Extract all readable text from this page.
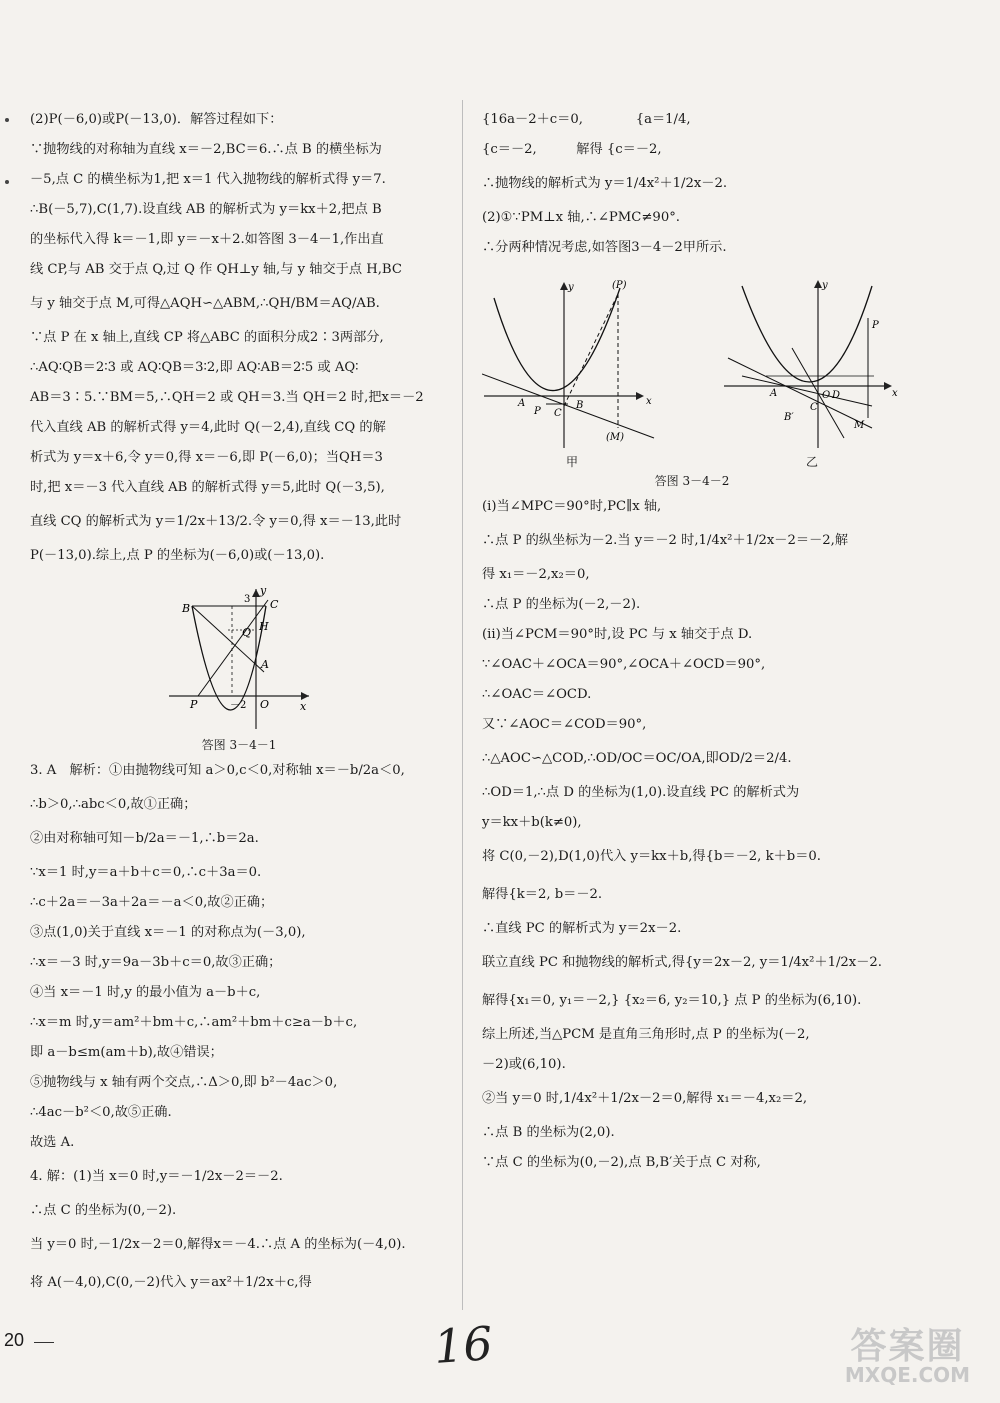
(2)P(－6,0)或P(－13,0)．解答过程如下：

∵抛物线的对称轴为直线 x＝－2,BC＝6.∴点 B 的横坐标为

－5,点 C 的横坐标为1,把 x＝1 代入抛物线的解析式得 y＝7.

∴B(－5,7),C(1,7).设直线 AB 的解析式为 y＝kx＋2,把点 B

的坐标代入得 k＝－1,即 y＝－x＋2.如答图 3－4－1,作出直

线 CP,与 AB 交于点 Q,过 Q 作 QH⊥y 轴,与 y 轴交于点 H,BC

与 y 轴交于点 M,可得△AQH∽△ABM,∴QH/BM＝AQ/AB.

∵点 P 在 x 轴上,直线 CP 将△ABC 的面积分成2∶3两部分,

∴AQ∶QB＝2∶3 或 AQ∶QB＝3∶2,即 AQ∶AB＝2∶5 或 AQ∶

AB＝3∶5.∵BM＝5,∴QH＝2 或 QH＝3.当 QH＝2 时,把x＝－2

代入直线 AB 的解析式得 y＝4,此时 Q(－2,4),直线 CQ 的解

析式为 y＝x＋6,令 y＝0,得 x＝－6,即 P(－6,0)；当QH＝3

时,把 x＝－3 代入直线 AB 的解析式得 y＝5,此时 Q(－3,5),

直线 CQ 的解析式为 y＝1/2x＋13/2.令 y＝0,得 x＝－13,此时

P(－13,0).综上,点 P 的坐标为(－6,0)或(－13,0).

B	C
Q H
A
P	O	x
y
3
－2
答图 3－4－1

3. A　解析：①由抛物线可知 a＞0,c＜0,对称轴 x＝－b/2a＜0,

∴b＞0,∴abc＜0,故①正确；

②由对称轴可知－b/2a＝－1,∴b＝2a.

∵x＝1 时,y＝a＋b＋c＝0,∴c＋3a＝0.

∴c＋2a＝－3a＋2a＝－a＜0,故②正确；

③点(1,0)关于直线 x＝－1 的对称点为(－3,0),

∴x＝－3 时,y＝9a－3b＋c＝0,故③正确；

④当 x＝－1 时,y 的最小值为 a－b＋c,

∴x＝m 时,y＝am²＋bm＋c,∴am²＋bm＋c≥a－b＋c,

即 a－b≤m(am＋b),故④错误；

⑤抛物线与 x 轴有两个交点,∴Δ＞0,即 b²－4ac＞0,

∴4ac－b²＜0,故⑤正确.

故选 A.

4. 解：(1)当 x＝0 时,y＝－1/2x－2＝－2.

∴点 C 的坐标为(0,－2).

当 y＝0 时,－1/2x－2＝0,解得x＝－4.∴点 A 的坐标为(－4,0).

将 A(－4,0),C(0,－2)代入 y＝ax²＋1/2x＋c,得

{16a－2＋c＝0,　　　　{a＝1/4,

{c＝－2,　　　解得 {c＝－2,

∴抛物线的解析式为 y＝1/4x²＋1/2x－2.

(2)①∵PM⊥x 轴,∴∠PMC≠90°.

∴分两种情况考虑,如答图3－4－2甲所示.

y
x
(P)
(M)
A	B
C
P
甲
y
x
P
A	D
C
B′
M
O
乙
答图 3－4－2

(i)当∠MPC＝90°时,PC∥x 轴,

∴点 P 的纵坐标为－2.当 y＝－2 时,1/4x²＋1/2x－2＝－2,解

得 x₁＝－2,x₂＝0,

∴点 P 的坐标为(－2,－2).

(ii)当∠PCM＝90°时,设 PC 与 x 轴交于点 D.

∵∠OAC＋∠OCA＝90°,∠OCA＋∠OCD＝90°,

∴∠OAC＝∠OCD.

又∵∠AOC＝∠COD＝90°,

∴△AOC∽△COD,∴OD/OC＝OC/OA,即OD/2＝2/4.

∴OD＝1,∴点 D 的坐标为(1,0).设直线 PC 的解析式为

y＝kx＋b(k≠0),

将 C(0,－2),D(1,0)代入 y＝kx＋b,得{b＝－2, k＋b＝0.

解得{k＝2, b＝－2.

∴直线 PC 的解析式为 y＝2x－2.

联立直线 PC 和抛物线的解析式,得{y＝2x－2, y＝1/4x²＋1/2x－2.

解得{x₁＝0, y₁＝－2,} {x₂＝6, y₂＝10,} 点 P 的坐标为(6,10).

综上所述,当△PCM 是直角三角形时,点 P 的坐标为(－2,

－2)或(6,10).

②当 y＝0 时,1/4x²＋1/2x－2＝0,解得 x₁＝－4,x₂＝2,

∴点 B 的坐标为(2,0).

∵点 C 的坐标为(0,－2),点 B,B′关于点 C 对称,

20	16	答案圈
MXQE.COM
